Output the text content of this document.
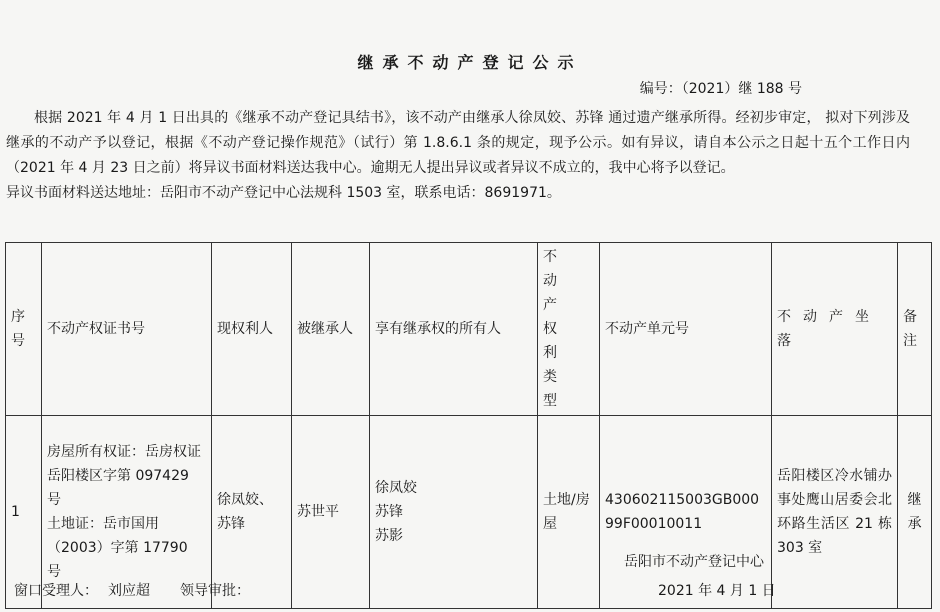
继承不动产登记公示
编号：（2021）继 188 号

根据 2021 年 4 月 1 日出具的《继承不动产登记具结书》，该不动产由继承人徐凤姣、苏锋 通过遗产继承所得。经初步审定， 拟对下列涉及继承的不动产予以登记，根据《不动产登记操作规范》（试行）第 1.8.6.1 条的规定，现予公示。如有异议，请自本公示之日起十五个工作日内（2021 年 4 月 23 日之前）将异议书面材料送达我中心。逾期无人提出异议或者异议不成立的，我中心将予以登记。

异议书面材料送达地址：岳阳市不动产登记中心法规科 1503 室，联系电话：8691971。

序号	不动产权证书号	现权利人	被继承人	享有继承权的所有人	不动产权利类型	不动产单元号	不动产坐落	备注
1	房屋所有权证：岳房权证岳阳楼区字第 097429 号
土地证：岳市国用（2003）字第 17790 号	徐凤姣、苏锋	苏世平	徐凤姣
苏锋
苏影	土地/房屋	430602115003GB00099F00010011	岳阳楼区冷水铺办事处鹰山居委会北环路生活区 21 栋 303 室	继承
岳阳市不动产登记中心
2021 年 4 月 1 日
窗口受理人： 刘应超 领导审批：
